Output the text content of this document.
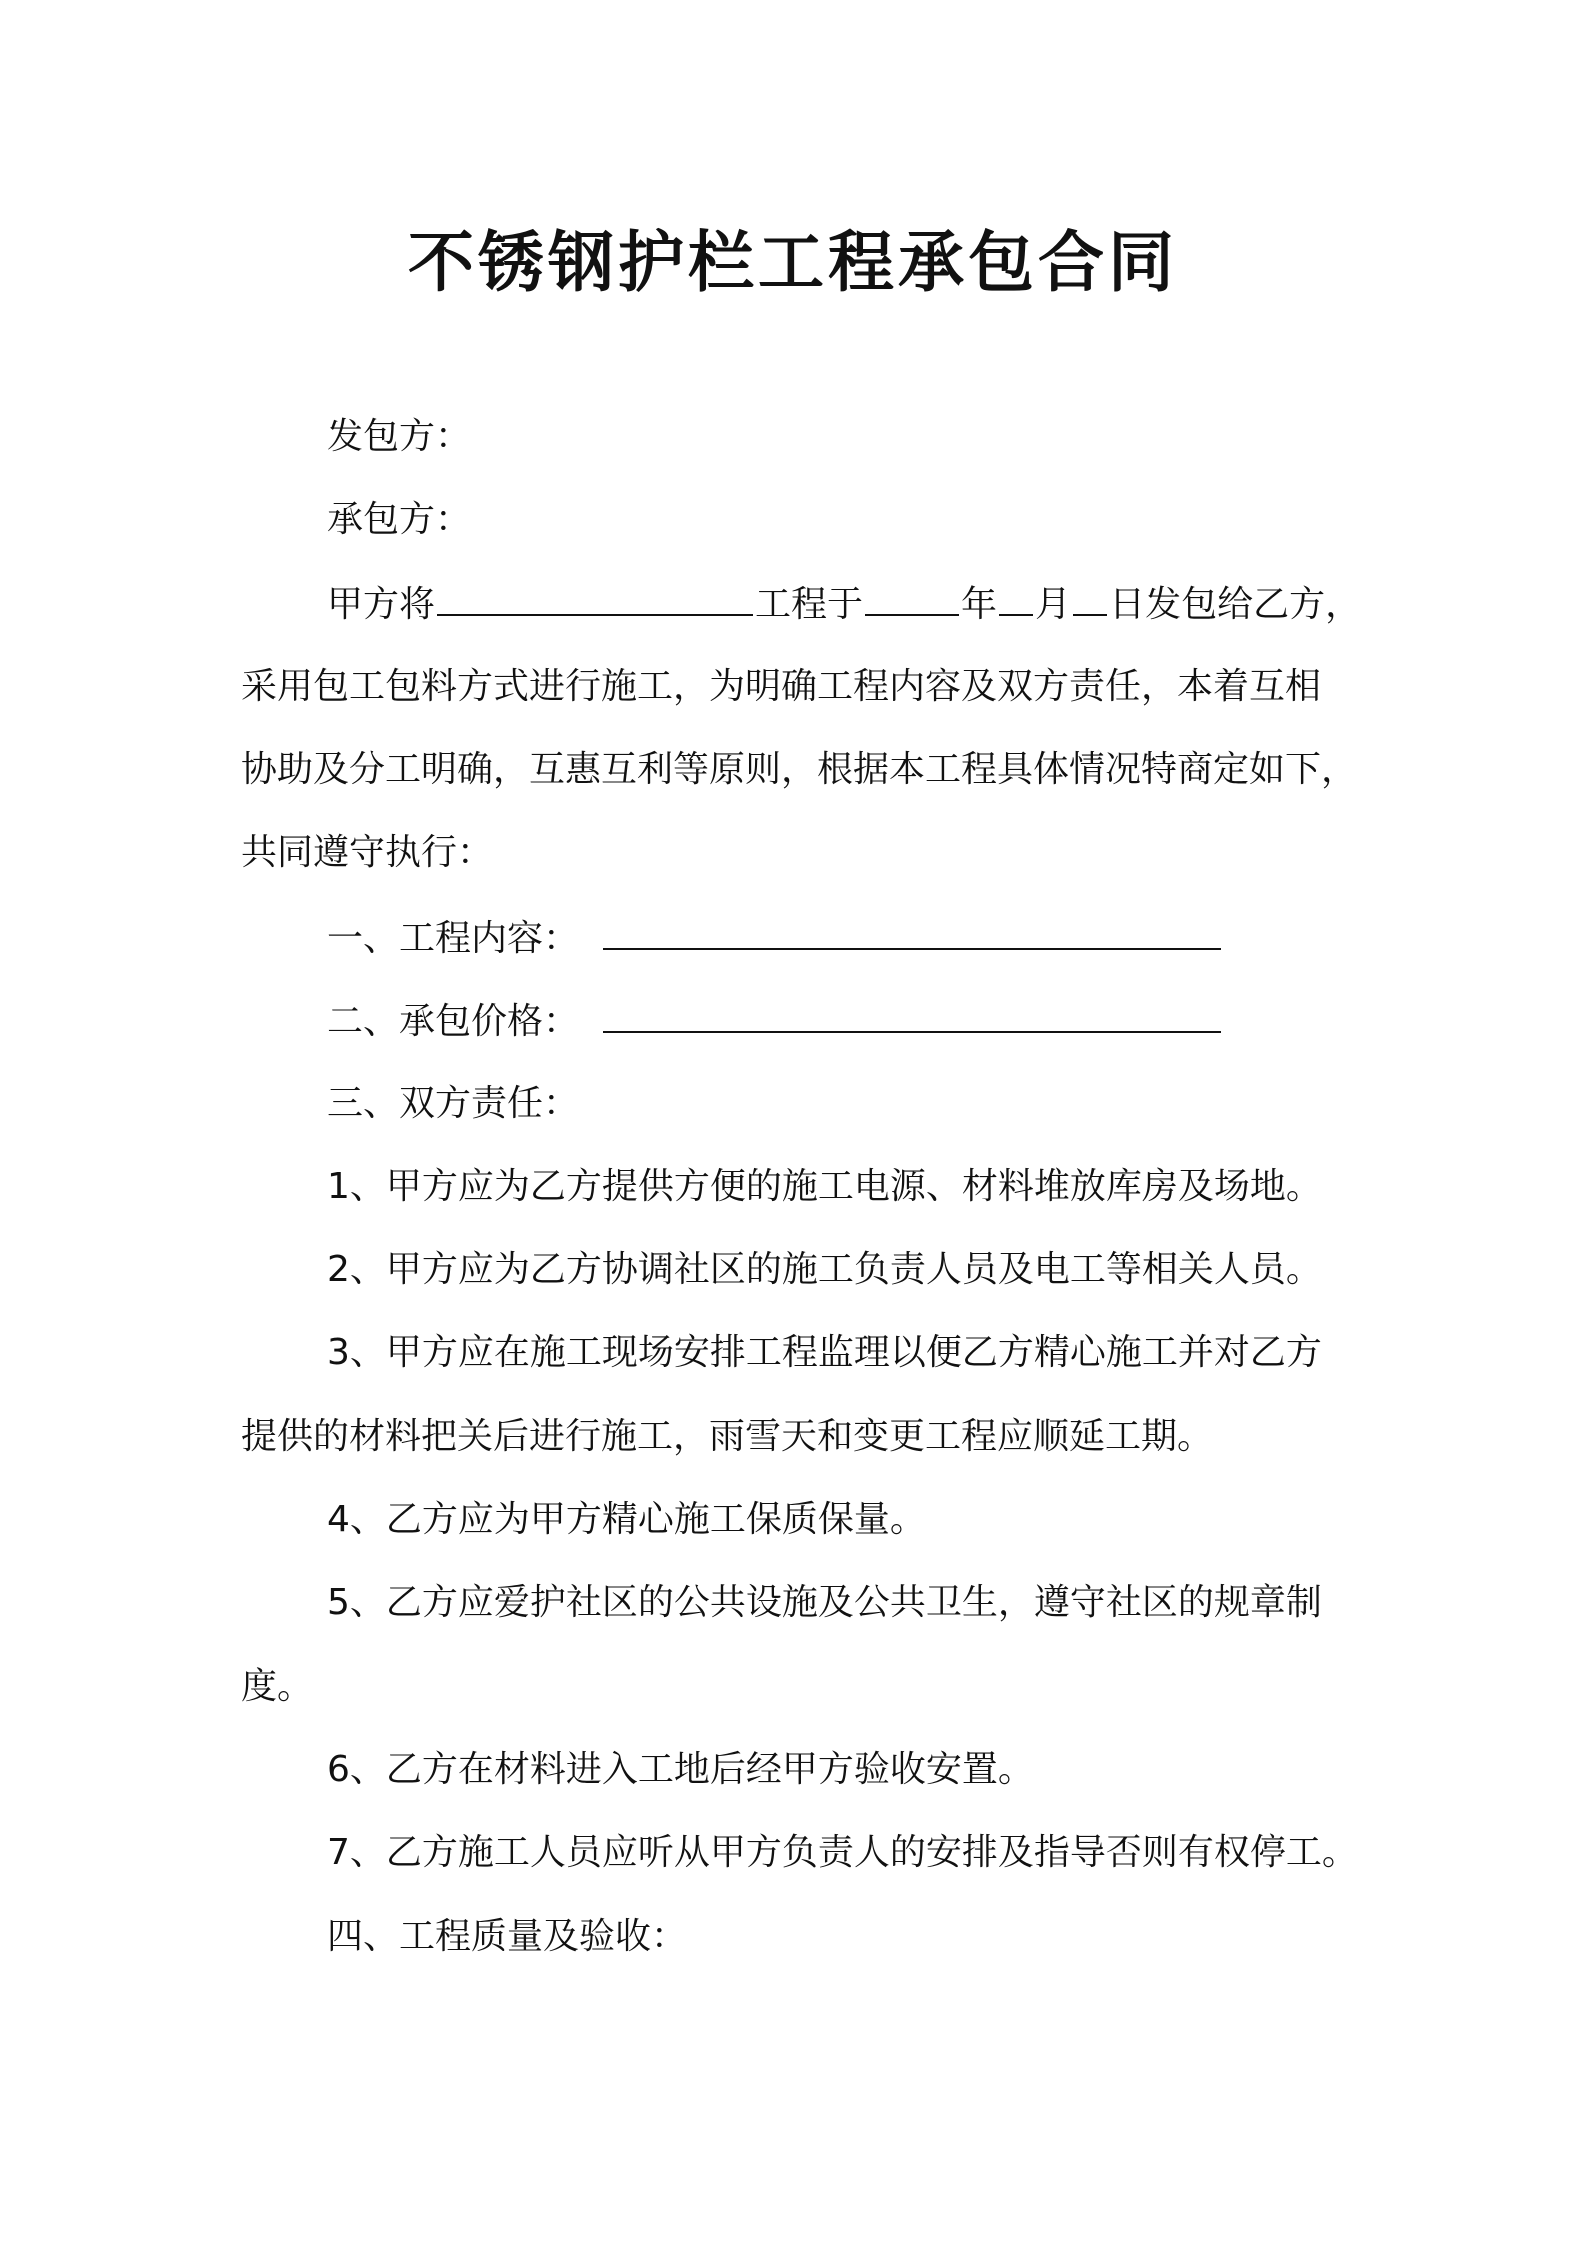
不锈钢护栏工程承包合同
发包方：
承包方：
甲方将	工程于	年 月 日发包给乙方，
采用包工包料方式进行施工，为明确工程内容及双方责任，本着互相
协助及分工明确，互惠互利等原则，根据本工程具体情况特商定如下，
共同遵守执行：
一、工程内容：
二、承包价格：
三、双方责任：
1、甲方应为乙方提供方便的施工电源、材料堆放库房及场地。
2、甲方应为乙方协调社区的施工负责人员及电工等相关人员。
3、甲方应在施工现场安排工程监理以便乙方精心施工并对乙方
提供的材料把关后进行施工，雨雪天和变更工程应顺延工期。
4、乙方应为甲方精心施工保质保量。
5、乙方应爱护社区的公共设施及公共卫生，遵守社区的规章制
度。
6、乙方在材料进入工地后经甲方验收安置。
7、乙方施工人员应听从甲方负责人的安排及指导否则有权停工。
四、工程质量及验收：
